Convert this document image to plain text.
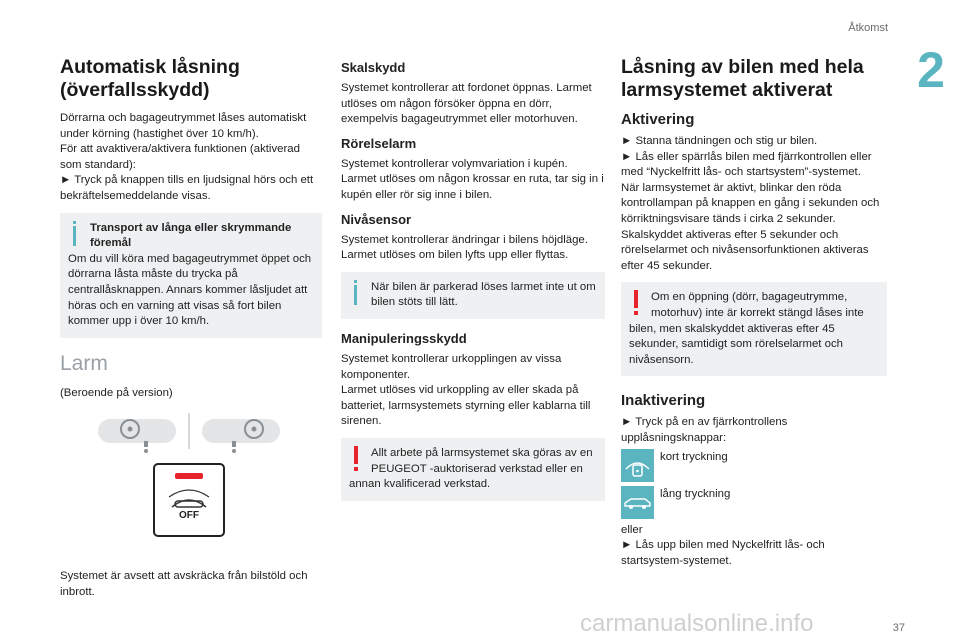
Åtkomst
2
Automatisk låsning
(överfallsskydd)

Dörrarna och bagageutrymmet låses automatiskt under körning (hastighet över 10 km/h).
För att avaktivera/aktivera funktionen (aktiverad som standard):
► Tryck på knappen tills en ljudsignal hörs och ett bekräftelsemeddelande visas.

Transport av långa eller skrymmande föremål
Om du vill köra med bagageutrymmet öppet och dörrarna låsta måste du trycka på centrallåsknappen. Annars kommer låsljudet att höras och en varning att visas så fort bilen kommer upp i över 10 km/h.
Larm

(Beroende på version)

OFF

Systemet är avsett att avskräcka från bilstöld och inbrott.

Skalskydd

Systemet kontrollerar att fordonet öppnas. Larmet utlöses om någon försöker öppna en dörr, exempelvis bagageutrymmet eller motorhuven.

Rörelselarm

Systemet kontrollerar volymvariation i kupén. Larmet utlöses om någon krossar en ruta, tar sig in i kupén eller rör sig inne i bilen.

Nivåsensor

Systemet kontrollerar ändringar i bilens höjdläge. Larmet utlöses om bilen lyfts upp eller flyttas.

När bilen är parkerad löses larmet inte ut om bilen stöts till lätt.
Manipuleringsskydd

Systemet kontrollerar urkopplingen av vissa komponenter.
Larmet utlöses vid urkoppling av eller skada på batteriet, larmsystemets styrning eller kablarna till sirenen.

Allt arbete på larmsystemet ska göras av en PEUGEOT -auktoriserad verkstad eller en annan kvalificerad verkstad.
Låsning av bilen med hela larmsystemet aktiverat
Aktivering

► Stanna tändningen och stig ur bilen.
► Lås eller spärrlås bilen med fjärrkontrollen eller med “Nyckelfritt lås- och startsystem”-systemet.
När larmsystemet är aktivt, blinkar den röda kontrollampan på knappen en gång i sekunden och körriktningsvisare tänds i cirka 2 sekunder.
Skalskyddet aktiveras efter 5 sekunder och rörelselarmet och nivåsensorfunktionen aktiveras efter 45 sekunder.

Om en öppning (dörr, bagageutrymme, motorhuv) inte är korrekt stängd låses inte bilen, men skalskyddet aktiveras efter 45 sekunder, samtidigt som rörelselarmet och nivåsensorn.
Inaktivering

► Tryck på en av fjärrkontrollens upplåsningsknappar:

kort tryckning
lång tryckning

eller
► Lås upp bilen med Nyckelfritt lås- och startsystem-systemet.

37
carmanualsonline.info
